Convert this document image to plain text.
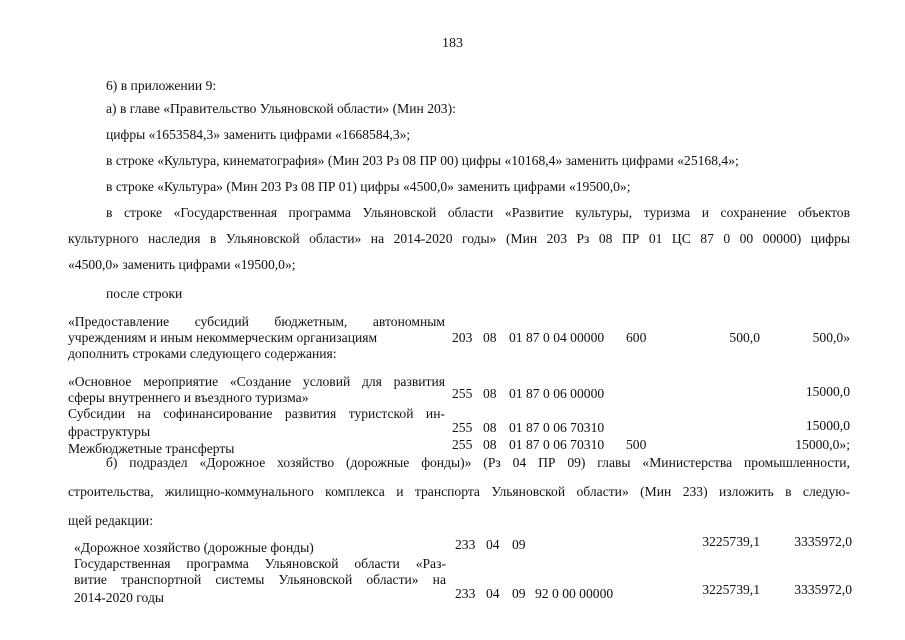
183
6) в приложении 9:
а) в главе «Правительство Ульяновской области» (Мин 203):
цифры «1653584,3» заменить цифрами «1668584,3»;
в строке «Культура, кинематография» (Мин 203 Рз 08 ПР 00) цифры «10168,4» заменить цифрами «25168,4»;
в строке «Культура» (Мин 203 Рз 08 ПР 01) цифры «4500,0» заменить цифрами «19500,0»;
в строке «Государственная программа Ульяновской области «Развитие культуры, туризма и сохранение объектов
культурного наследия в Ульяновской области» на 2014-2020 годы» (Мин 203 Рз 08 ПР 01 ЦС 87 0 00 00000) цифры
«4500,0» заменить цифрами «19500,0»;
после строки
«Предоставление субсидий бюджетным, автономным
учреждениям и иным некоммерческим организациям	203 08 01 87 0 04 00000 600	500,0	500,0»
дополнить строками следующего содержания:
«Основное мероприятие «Создание условий для развития
сферы внутреннего и въездного туризма»	255 08 01 87 0 06 00000	15000,0
Субсидии на софинансирование развития туристской ин-
фраструктуры	255 08 01 87 0 06 70310	15000,0
Межбюджетные трансферты	255 08 01 87 0 06 70310 500	15000,0»;
б) подраздел «Дорожное хозяйство (дорожные фонды)» (Рз 04 ПР 09) главы «Министерства промышленности,
строительства, жилищно-коммунального комплекса и транспорта Ульяновской области» (Мин 233) изложить в следую-
щей редакции:
«Дорожное хозяйство (дорожные фонды)	233 04 09	3225739,1	3335972,0
Государственная программа Ульяновской области «Раз-
витие транспортной системы Ульяновской области» на
2014-2020 годы	233 04 09 92 0 00 00000	3225739,1	3335972,0
